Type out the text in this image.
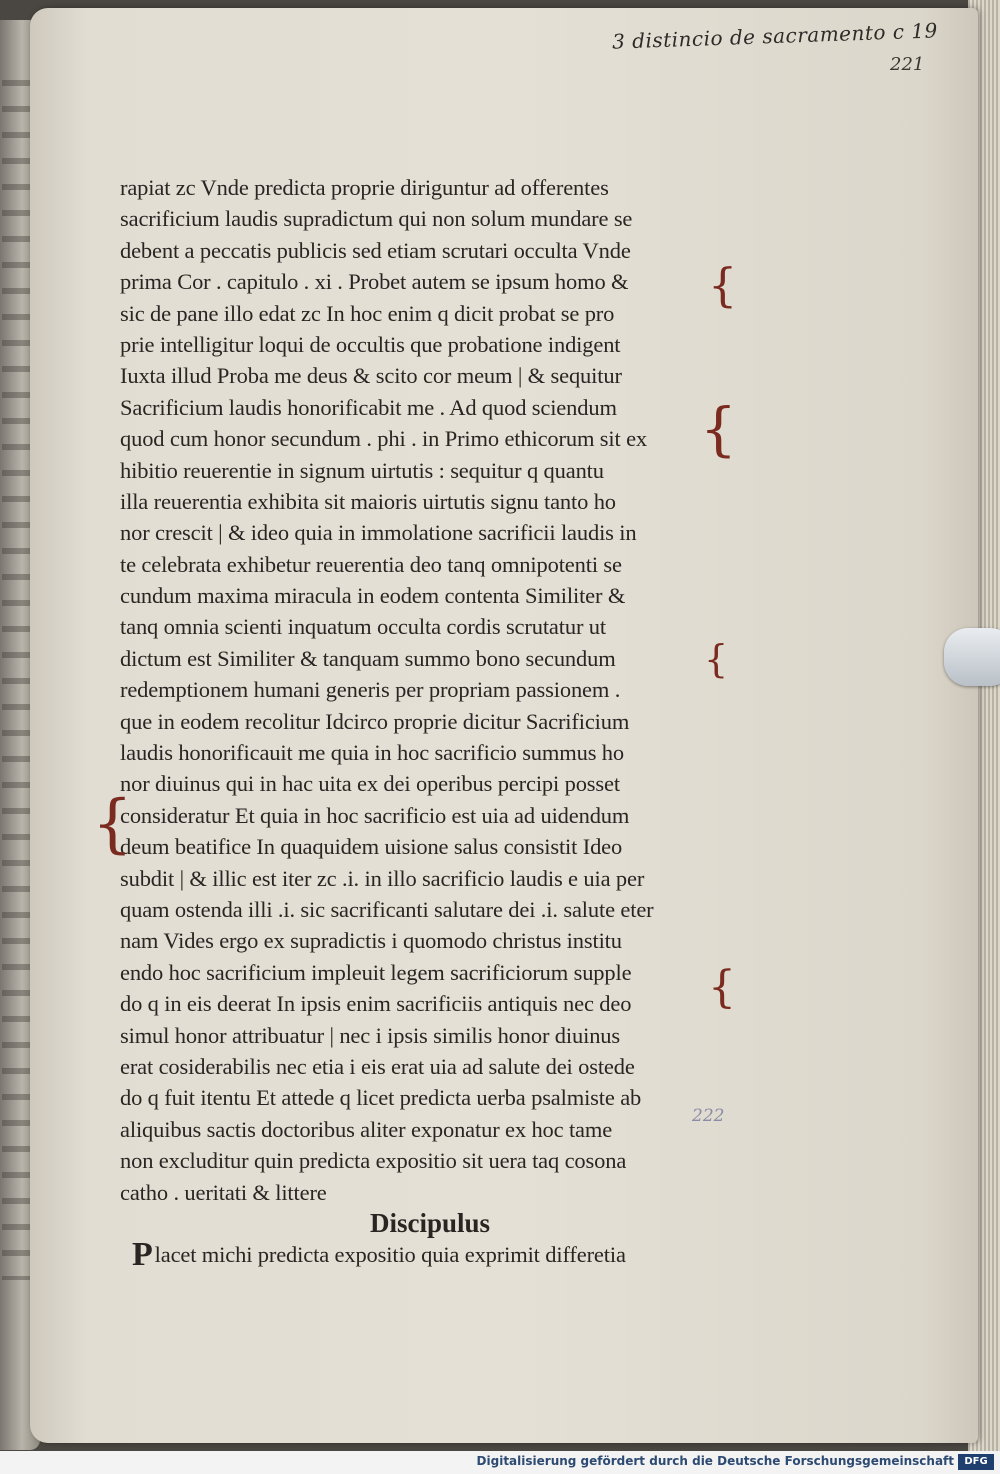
3 distincio de sacramento c 19
221
rapiat zc Vnde predicta proprie diriguntur ad offerentes
sacrificium laudis supradictum qui non solum mundare se
debent a peccatis publicis sed etiam scrutari occulta Vnde
prima Cor . capitulo . xi . Probet autem se ipsum homo &
sic de pane illo edat zc In hoc enim q dicit probat se pro
prie intelligitur loqui de occultis que probatione indigent
Iuxta illud Proba me deus & scito cor meum | & sequitur
Sacrificium laudis honorificabit me . Ad quod sciendum
quod cum honor secundum . phi . in Primo ethicorum sit ex
hibitio reuerentie in signum uirtutis : sequitur q quantu
illa reuerentia exhibita sit maioris uirtutis signu tanto ho
nor crescit | & ideo quia in immolatione sacrificii laudis in
te celebrata exhibetur reuerentia deo tanq omnipotenti se
cundum maxima miracula in eodem contenta Similiter &
tanq omnia scienti inquatum occulta cordis scrutatur ut
dictum est Similiter & tanquam summo bono secundum
redemptionem humani generis per propriam passionem .
que in eodem recolitur Idcirco proprie dicitur Sacrificium
laudis honorificauit me quia in hoc sacrificio summus ho
nor diuinus qui in hac uita ex dei operibus percipi posset
consideratur Et quia in hoc sacrificio est uia ad uidendum
deum beatifice In quaquidem uisione salus consistit Ideo
subdit | & illic est iter zc .i. in illo sacrificio laudis e uia per
quam ostenda illi .i. sic sacrificanti salutare dei .i. salute eter
nam Vides ergo ex supradictis i quomodo christus institu
endo hoc sacrificium impleuit legem sacrificiorum supple
do q in eis deerat In ipsis enim sacrificiis antiquis nec deo
simul honor attribuatur | nec i ipsis similis honor diuinus
erat cosiderabilis nec etia i eis erat uia ad salute dei ostede
do q fuit itentu Et attede q licet predicta uerba psalmiste ab
aliquibus sactis doctoribus aliter exponatur ex hoc tame
non excluditur quin predicta expositio sit uera taq cosona
catho . ueritati & littere
Discipulus
Placet michi predicta expositio quia exprimit differetia
{
{
{
{
{
222
Digitalisierung gefördert durch die Deutsche Forschungsgemeinschaft	DFG
